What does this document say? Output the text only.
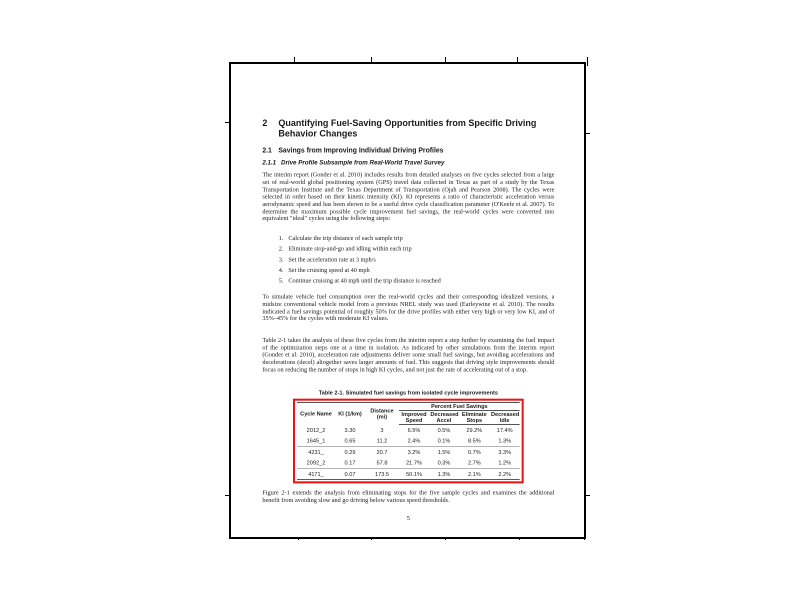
2 Quantifying Fuel-Saving Opportunities from Specific Driving Behavior Changes
2.1 Savings from Improving Individual Driving Profiles
2.1.1 Drive Profile Subsample from Real-World Travel Survey

The interim report (Gonder et al. 2010) includes results from detailed analyses on five cycles selected from a large set of real-world global positioning system (GPS) travel data collected in Texas as part of a study by the Texas Transportation Institute and the Texas Department of Transportation (Ojah and Pearson 2008). The cycles were selected in order based on their kinetic intensity (KI). KI represents a ratio of characteristic acceleration versus aerodynamic speed and has been shown to be a useful drive cycle classification parameter (O'Keefe et al. 2007). To determine the maximum possible cycle improvement fuel savings, the real-world cycles were converted into equivalent "ideal" cycles using the following steps:

1. Calculate the trip distance of each sample trip
2. Eliminate stop-and-go and idling within each trip
3. Set the acceleration rate at 3 mph/s
4. Set the cruising speed at 40 mph
5. Continue cruising at 40 mph until the trip distance is reached

To simulate vehicle fuel consumption over the real-world cycles and their corresponding idealized versions, a midsize conventional vehicle model from a previous NREL study was used (Earleywine et al. 2010). The results indicated a fuel savings potential of roughly 50% for the drive profiles with either very high or very low KI, and of 35%–45% for the cycles with moderate KI values.

Table 2-1 takes the analysis of these five cycles from the interim report a step further by examining the fuel impact of the optimization steps one at a time in isolation. As indicated by other simulations from the interim report (Gonder et al. 2010), acceleration rate adjustments deliver some small fuel savings, but avoiding accelerations and decelerations (decel) altogether saves larger amounts of fuel. This suggests that driving style improvements should focus on reducing the number of stops in high KI cycles, and not just the rate of accelerating out of a stop.

Table 2-1. Simulated fuel savings from isolated cycle improvements
Cycle Name	KI (1/km)	Distance (mi)	Percent Fuel Savings			
			Improved Speed	Decreased Accel	Eliminate Stops	Decreased Idle
2012_2	3.30	3	6.5%	0.5%	29.2%	17.4%
1645_1	0.65	11.2	2.4%	0.1%	8.5%	1.3%
4231_	0.29	20.7	3.2%	1.5%	0.7%	3.3%
2092_2	0.17	57.8	21.7%	0.3%	2.7%	1.2%
4171_	0.07	173.5	50.1%	1.3%	2.1%	2.2%

Figure 2-1 extends the analysis from eliminating stops for the five sample cycles and examines the additional benefit from avoiding slow and go driving below various speed thresholds.

5
